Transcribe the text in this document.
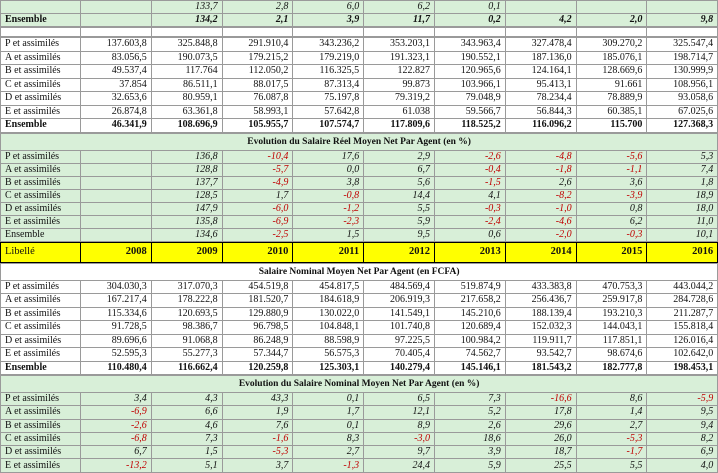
		133,7	2,8	6,0	6,2	0,1			
Ensemble		134,2	2,1	3,9	11,7	0,2	4,2	2,0	9,8

P et assimilés	137.603,8	325.848,8	291.910,4	343.236,2	353.203,1	343.963,4	327.478,4	309.270,2	325.547,4
A et assimilés	83.056,5	190.073,5	179.215,2	179.219,0	191.323,1	190.552,1	187.136,0	185.076,1	198.714,7
B et assimilés	49.537,4	117.764	112.050,2	116.325,5	122.827	120.965,6	124.164,1	128.669,6	130.999,9
C et assimilés	37.854	86.511,1	88.017,5	87.313,4	99.873	103.966,1	95.413,1	91.661	108.956,1
D et assimilés	32.653,6	80.959,1	76.087,8	75.197,8	79.319,2	79.048,9	78.234,4	78.889,9	93.058,6
E et assimilés	26.874,8	63.361,8	58.993,1	57.642,8	61.038	59.566,7	56.844,3	60.385,1	67.025,6
Ensemble	46.341,9	108.696,9	105.955,7	107.574,7	117.809,6	118.525,2	116.096,2	115.700	127.368,3
Evolution du Salaire Réel Moyen Net Par Agent (en %)									
P et assimilés		136,8	-10,4	17,6	2,9	-2,6	-4,8	-5,6	5,3
A et assimilés		128,8	-5,7	0,0	6,7	-0,4	-1,8	-1,1	7,4
B et assimilés		137,7	-4,9	3,8	5,6	-1,5	2,6	3,6	1,8
C et assimilés		128,5	1,7	-0,8	14,4	4,1	-8,2	-3,9	18,9
D et assimilés		147,9	-6,0	-1,2	5,5	-0,3	-1,0	0,8	18,0
E et assimilés		135,8	-6,9	-2,3	5,9	-2,4	-4,6	6,2	11,0
Ensemble		134,6	-2,5	1,5	9,5	0,6	-2,0	-0,3	10,1
Libellé	2008	2009	2010	2011	2012	2013	2014	2015	2016
Salaire Nominal Moyen Net Par Agent (en FCFA)									
P et assimilés	304.030,3	317.070,3	454.519,8	454.817,5	484.569,4	519.874,9	433.383,8	470.753,3	443.044,2
A et assimilés	167.217,4	178.222,8	181.520,7	184.618,9	206.919,3	217.658,2	256.436,7	259.917,8	284.728,6
B et assimilés	115.334,6	120.693,5	129.880,9	130.022,0	141.549,1	145.210,6	188.139,4	193.210,3	211.287,7
C et assimilés	91.728,5	98.386,7	96.798,5	104.848,1	101.740,8	120.689,4	152.032,3	144.043,1	155.818,4
D et assimilés	89.696,6	91.068,8	86.248,9	88.598,9	97.225,5	100.984,2	119.911,7	117.851,1	126.016,4
E et assimilés	52.595,3	55.277,3	57.344,7	56.575,3	70.405,4	74.562,7	93.542,7	98.674,6	102.642,0
Ensemble	110.480,4	116.662,4	120.259,8	125.303,1	140.279,4	145.146,1	181.543,2	182.777,8	198.453,1
Evolution du Salaire Nominal Moyen Net Par Agent (en %)									
P et assimilés	3,4	4,3	43,3	0,1	6,5	7,3	-16,6	8,6	-5,9
A et assimilés	-6,9	6,6	1,9	1,7	12,1	5,2	17,8	1,4	9,5
B et assimilés	-2,6	4,6	7,6	0,1	8,9	2,6	29,6	2,7	9,4
C et assimilés	-6,8	7,3	-1,6	8,3	-3,0	18,6	26,0	-5,3	8,2
D et assimilés	6,7	1,5	-5,3	2,7	9,7	3,9	18,7	-1,7	6,9
E et assimilés	-13,2	5,1	3,7	-1,3	24,4	5,9	25,5	5,5	4,0
